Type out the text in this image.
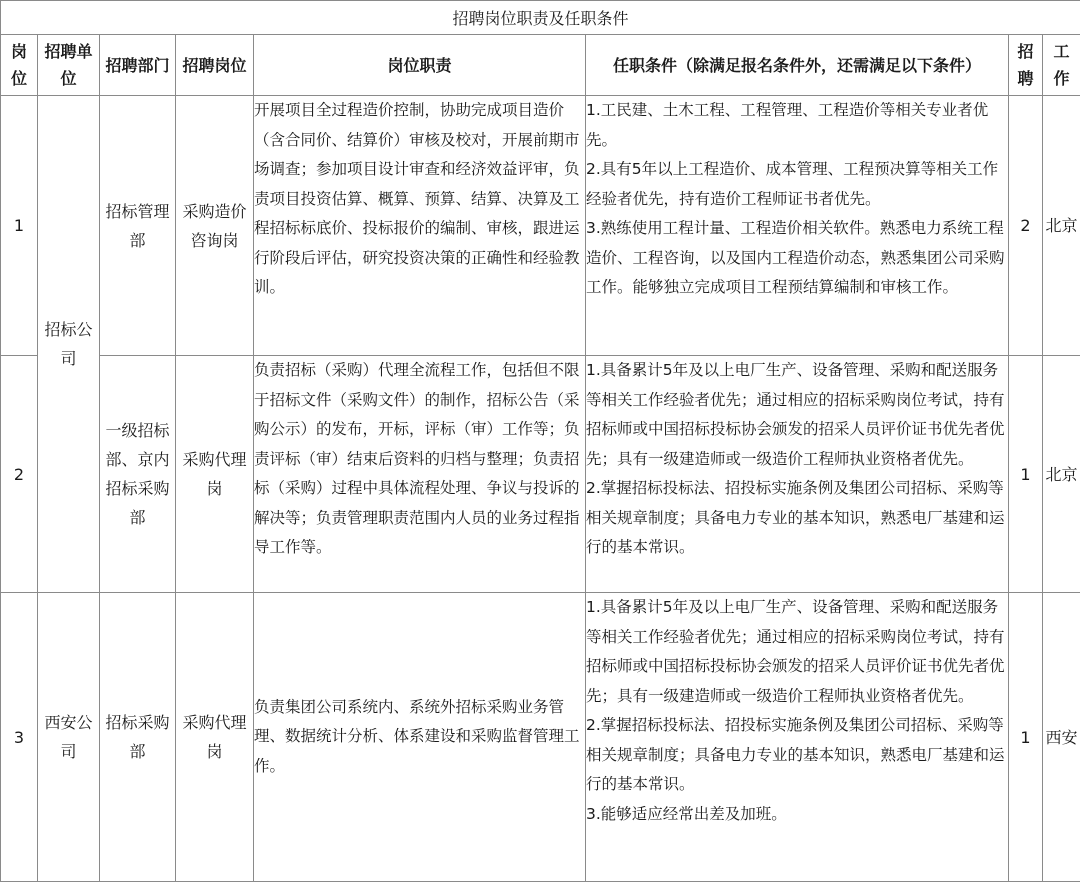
招聘岗位职责及任职条件							
岗位	招聘单位	招聘部门	招聘岗位	岗位职责	任职条件（除满足报名条件外，还需满足以下条件）	招聘	工作
1	招标公司	招标管理部	采购造价咨询岗	开展项目全过程造价控制，协助完成项目造价（含合同价、结算价）审核及校对，开展前期市场调查；参加项目设计审查和经济效益评审，负责项目投资估算、概算、预算、结算、决算及工程招标标底价、投标报价的编制、审核，跟进运行阶段后评估，研究投资决策的正确性和经验教训。	1.工民建、土木工程、工程管理、工程造价等相关专业者优先。

2.具有5年以上工程造价、成本管理、工程预决算等相关工作经验者优先，持有造价工程师证书者优先。

3.熟练使用工程计量、工程造价相关软件。熟悉电力系统工程造价、工程咨询，以及国内工程造价动态，熟悉集团公司采购工作。能够独立完成项目工程预结算编制和审核工作。	2	北京
2		一级招标部、京内招标采购部	采购代理岗	负责招标（采购）代理全流程工作，包括但不限于招标文件（采购文件）的制作，招标公告（采购公示）的发布，开标，评标（审）工作等；负责评标（审）结束后资料的归档与整理；负责招标（采购）过程中具体流程处理、争议与投诉的解决等；负责管理职责范围内人员的业务过程指导工作等。	1.具备累计5年及以上电厂生产、设备管理、采购和配送服务等相关工作经验者优先；通过相应的招标采购岗位考试，持有招标师或中国招标投标协会颁发的招采人员评价证书优先者优先；具有一级建造师或一级造价工程师执业资格者优先。

2.掌握招标投标法、招投标实施条例及集团公司招标、采购等相关规章制度；具备电力专业的基本知识，熟悉电厂基建和运行的基本常识。	1	北京
3	西安公司	招标采购部	采购代理岗	负责集团公司系统内、系统外招标采购业务管理、数据统计分析、体系建设和采购监督管理工作。	1.具备累计5年及以上电厂生产、设备管理、采购和配送服务等相关工作经验者优先；通过相应的招标采购岗位考试，持有招标师或中国招标投标协会颁发的招采人员评价证书优先者优先；具有一级建造师或一级造价工程师执业资格者优先。

2.掌握招标投标法、招投标实施条例及集团公司招标、采购等相关规章制度；具备电力专业的基本知识，熟悉电厂基建和运行的基本常识。

3.能够适应经常出差及加班。	1	西安
